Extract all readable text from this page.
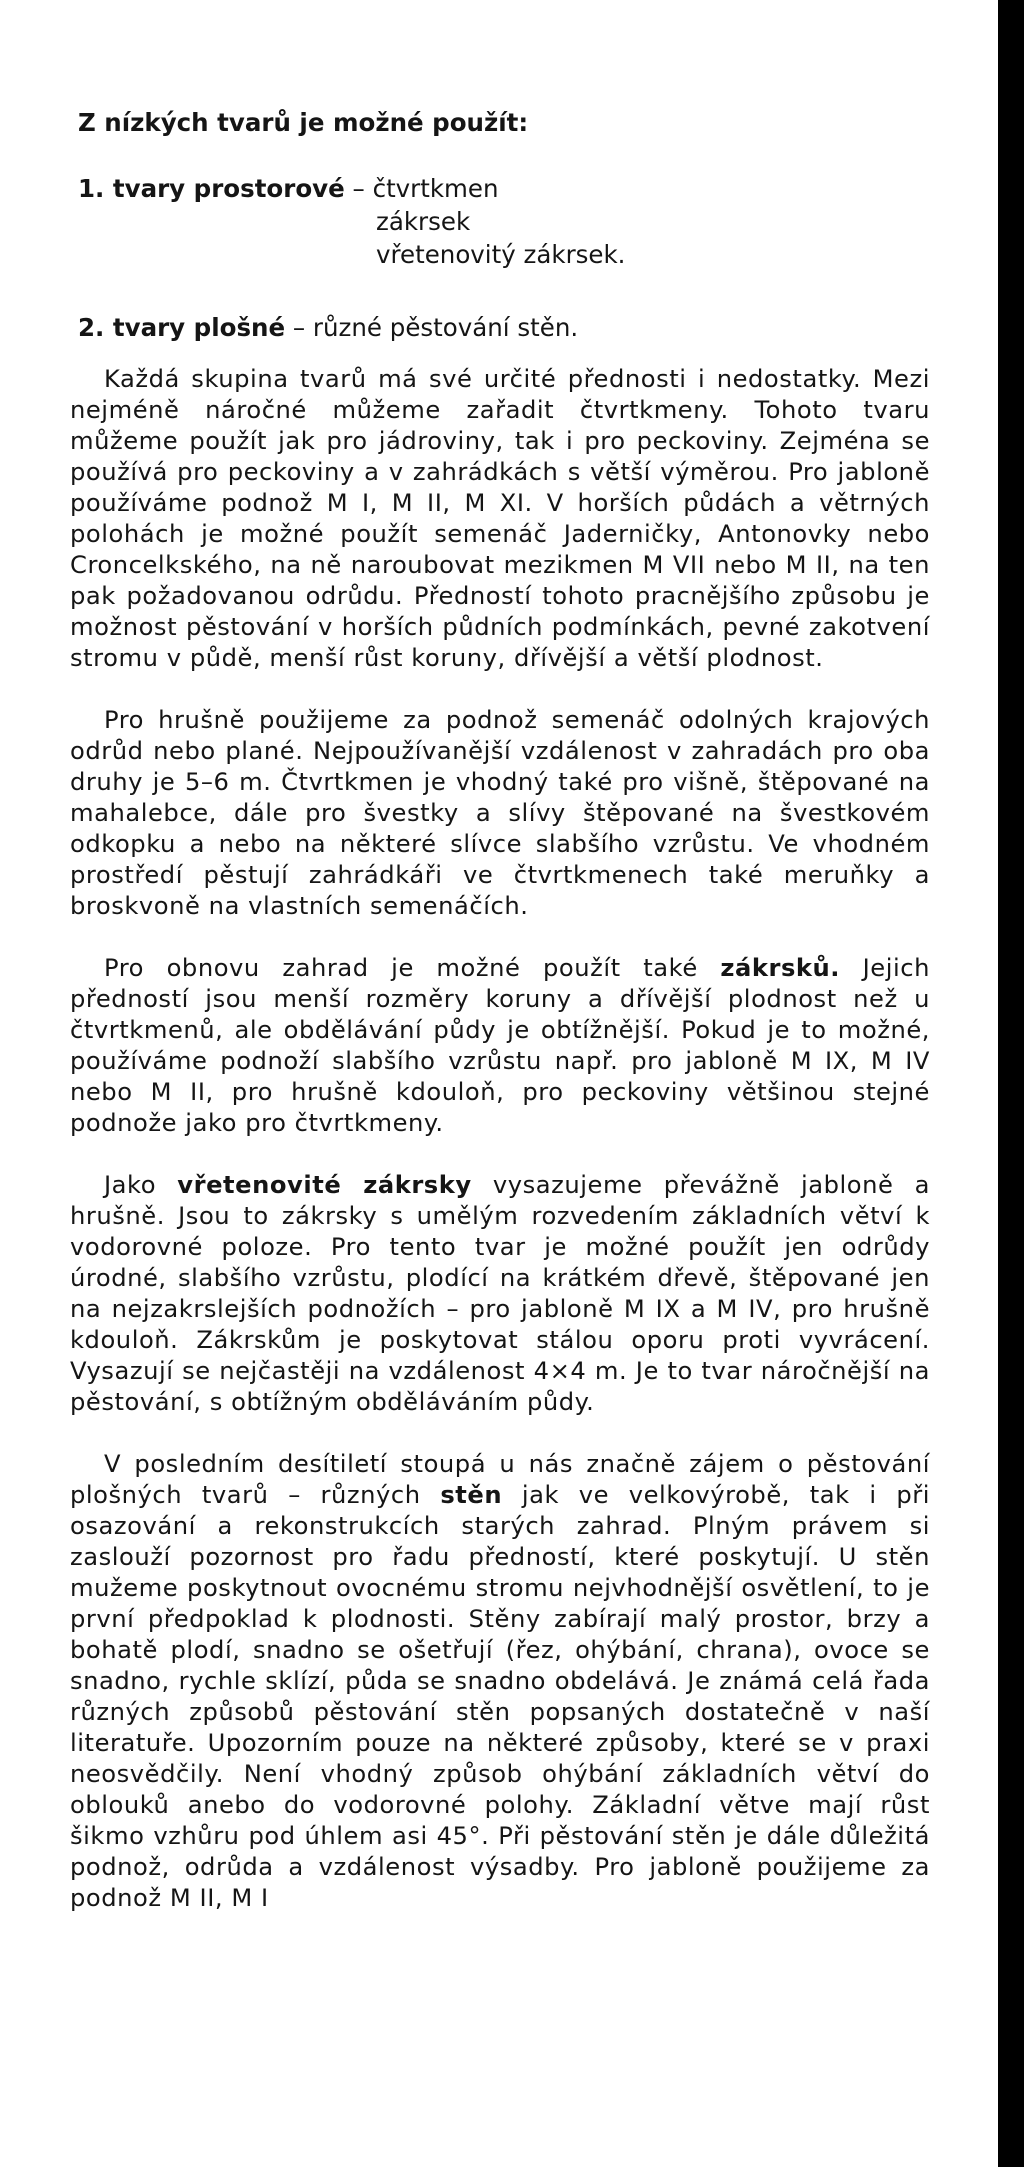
Z nízkých tvarů je možné použít:
1. tvary prostorové – čtvrtkmen
zákrsek
vřetenovitý zákrsek.
2. tvary plošné – různé pěstování stěn.

Každá skupina tvarů má své určité přednosti i nedostatky. Mezi nejméně náročné můžeme zařadit čtvrtkmeny. Tohoto tvaru můžeme použít jak pro jádroviny, tak i pro peckoviny. Zejména se používá pro peckoviny a v zahrádkách s větší výměrou. Pro jabloně používáme podnož M I, M II, M XI. V horších půdách a větrných polohách je možné použít semenáč Jaderničky, Antonovky nebo Croncelkského, na ně naroubovat mezikmen M VII nebo M II, na ten pak požadovanou odrůdu. Předností tohoto pracnějšího způsobu je možnost pěstování v horších půdních podmínkách, pevné zakotvení stromu v půdě, menší růst koruny, dřívější a větší plodnost.

Pro hrušně použijeme za podnož semenáč odolných krajových odrůd nebo plané. Nejpoužívanější vzdálenost v zahradách pro oba druhy je 5–6 m. Čtvrtkmen je vhodný také pro višně, štěpované na mahalebce, dále pro švestky a slívy štěpované na švestkovém odkopku a nebo na některé slívce slabšího vzrůstu. Ve vhodném prostředí pěstují zahrádkáři ve čtvrtkmenech také meruňky a broskvoně na vlastních semenáčích.

Pro obnovu zahrad je možné použít také zákrsků. Jejich předností jsou menší rozměry koruny a dřívější plodnost než u čtvrtkmenů, ale obdělávání půdy je obtížnější. Pokud je to možné, používáme podnoží slabšího vzrůstu např. pro jabloně M IX, M IV nebo M II, pro hrušně kdouloň, pro peckoviny většinou stejné podnože jako pro čtvrtkmeny.

Jako vřetenovité zákrsky vysazujeme převážně jabloně a hrušně. Jsou to zákrsky s umělým rozvedením základních větví k vodorovné poloze. Pro tento tvar je možné použít jen odrůdy úrodné, slabšího vzrůstu, plodící na krátkém dřevě, štěpované jen na nejzakrslejších podnožích – pro jabloně M IX a M IV, pro hrušně kdouloň. Zákrskům je poskytovat stálou oporu proti vyvrácení. Vysazují se nejčastěji na vzdálenost 4×4 m. Je to tvar náročnější na pěstování, s obtížným obděláváním půdy.

V posledním desítiletí stoupá u nás značně zájem o pěstování plošných tvarů – různých stěn jak ve velkovýrobě, tak i při osazování a rekonstrukcích starých zahrad. Plným právem si zaslouží pozornost pro řadu předností, které poskytují. U stěn mužeme poskytnout ovocnému stromu nejvhodnější osvětlení, to je první předpoklad k plodnosti. Stěny zabírají malý prostor, brzy a bohatě plodí, snadno se ošetřují (řez, ohýbání, chrana), ovoce se snadno, rychle sklízí, půda se snadno obdelává. Je známá celá řada různých způsobů pěstování stěn popsaných dostatečně v naší literatuře. Upozorním pouze na některé způsoby, které se v praxi neosvědčily. Není vhodný způsob ohýbání základních větví do oblouků anebo do vodorovné polohy. Základní větve mají růst šikmo vzhůru pod úhlem asi 45°. Při pěstování stěn je dále důležitá podnož, odrůda a vzdálenost výsadby. Pro jabloně použijeme za podnož M II, M I
